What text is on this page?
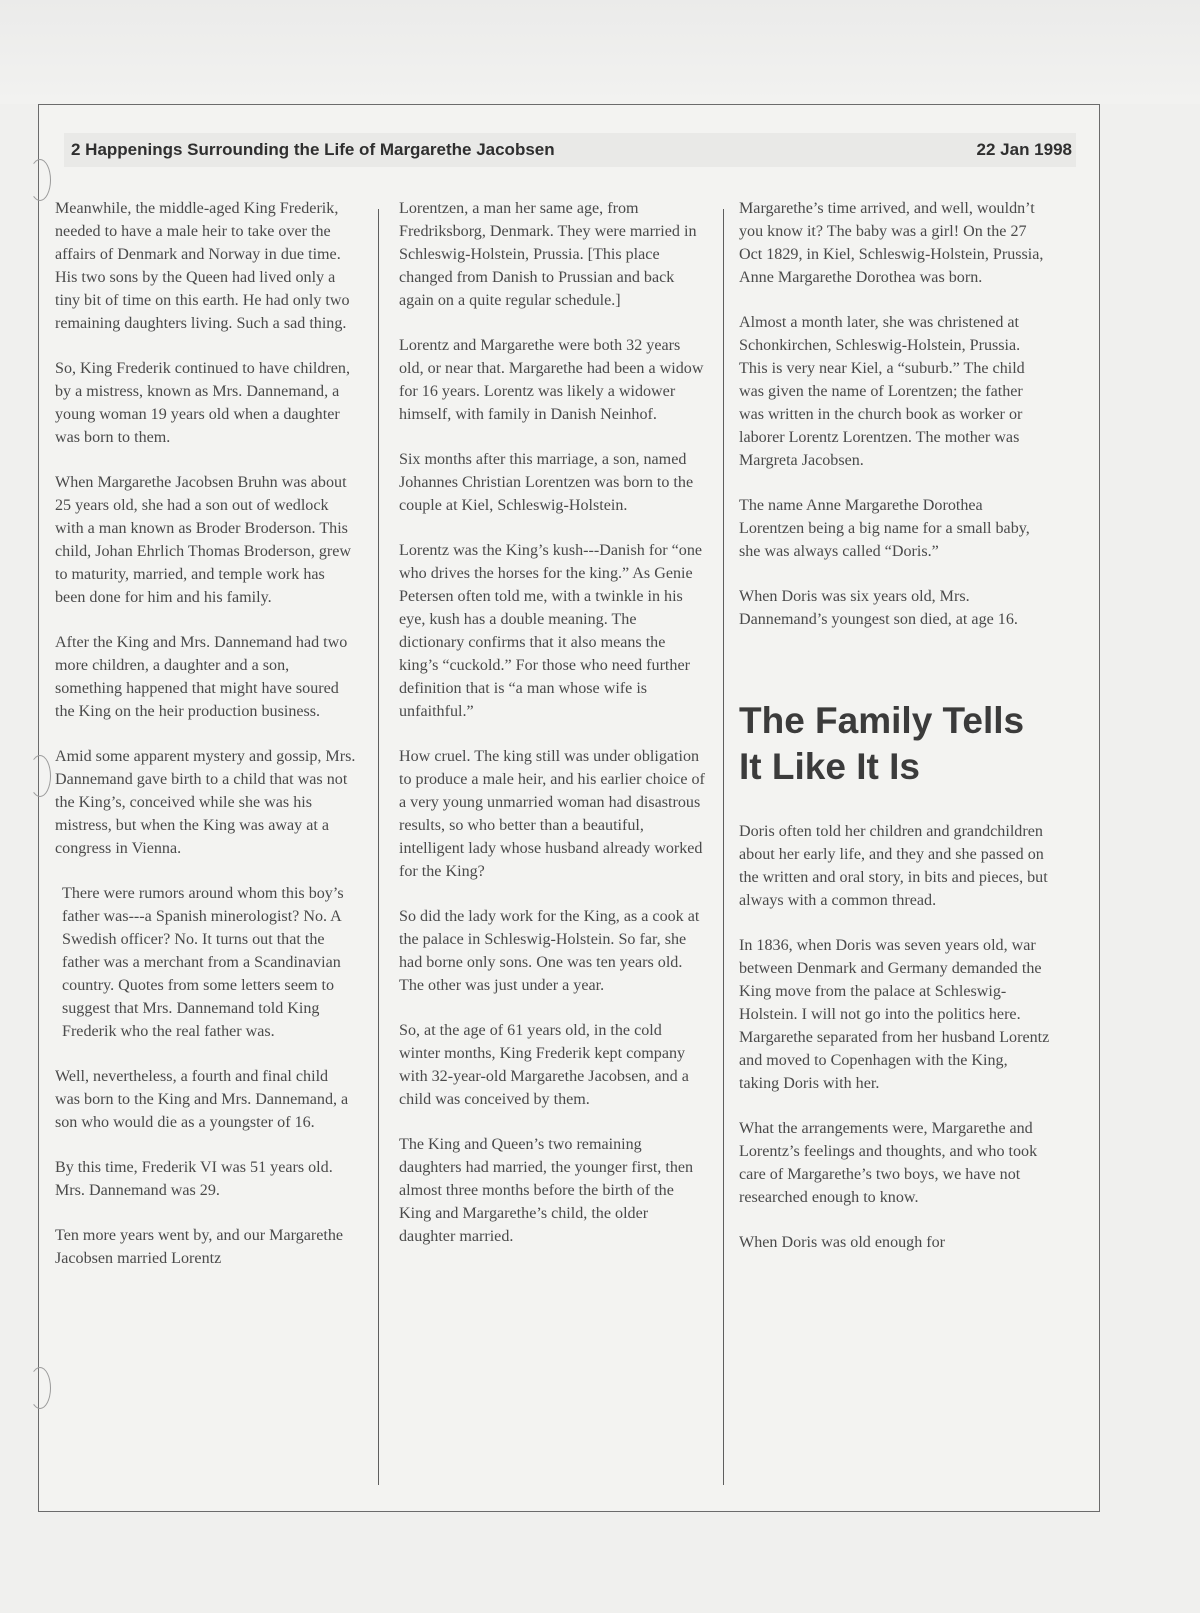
2 Happenings Surrounding the Life of Margarethe Jacobsen	22 Jan 1998

Meanwhile, the middle-aged King Frederik, needed to have a male heir to take over the affairs of Denmark and Norway in due time. His two sons by the Queen had lived only a tiny bit of time on this earth. He had only two remaining daughters living. Such a sad thing.

So, King Frederik continued to have children, by a mistress, known as Mrs. Dannemand, a young woman 19 years old when a daughter was born to them.

When Margarethe Jacobsen Bruhn was about 25 years old, she had a son out of wedlock with a man known as Broder Broderson. This child, Johan Ehrlich Thomas Broderson, grew to maturity, married, and temple work has been done for him and his family.

After the King and Mrs. Dannemand had two more children, a daughter and a son, something happened that might have soured the King on the heir production business.

Amid some apparent mystery and gossip, Mrs. Dannemand gave birth to a child that was not the King’s, conceived while she was his mistress, but when the King was away at a congress in Vienna.

There were rumors around whom this boy’s father was---a Spanish minerologist? No. A Swedish officer? No. It turns out that the father was a merchant from a Scandinavian country. Quotes from some letters seem to suggest that Mrs. Dannemand told King Frederik who the real father was.

Well, nevertheless, a fourth and final child was born to the King and Mrs. Dannemand, a son who would die as a youngster of 16.

By this time, Frederik VI was 51 years old. Mrs. Dannemand was 29.

Ten more years went by, and our Margarethe Jacobsen married Lorentz

Lorentzen, a man her same age, from Fredriksborg, Denmark. They were married in Schleswig-Holstein, Prussia. [This place changed from Danish to Prussian and back again on a quite regular schedule.]

Lorentz and Margarethe were both 32 years old, or near that. Margarethe had been a widow for 16 years. Lorentz was likely a widower himself, with family in Danish Neinhof.

Six months after this marriage, a son, named Johannes Christian Lorentzen was born to the couple at Kiel, Schleswig-Holstein.

Lorentz was the King’s kush---Danish for “one who drives the horses for the king.” As Genie Petersen often told me, with a twinkle in his eye, kush has a double meaning. The dictionary confirms that it also means the king’s “cuckold.” For those who need further definition that is “a man whose wife is unfaithful.”

How cruel. The king still was under obligation to produce a male heir, and his earlier choice of a very young unmarried woman had disastrous results, so who better than a beautiful, intelligent lady whose husband already worked for the King?

So did the lady work for the King, as a cook at the palace in Schleswig-Holstein. So far, she had borne only sons. One was ten years old. The other was just under a year.

So, at the age of 61 years old, in the cold winter months, King Frederik kept company with 32-year-old Margarethe Jacobsen, and a child was conceived by them.

The King and Queen’s two remaining daughters had married, the younger first, then almost three months before the birth of the King and Margarethe’s child, the older daughter married.

Margarethe’s time arrived, and well, wouldn’t you know it? The baby was a girl! On the 27 Oct 1829, in Kiel, Schleswig-Holstein, Prussia, Anne Margarethe Dorothea was born.

Almost a month later, she was christened at Schonkirchen, Schleswig-Holstein, Prussia. This is very near Kiel, a “suburb.” The child was given the name of Lorentzen; the father was written in the church book as worker or laborer Lorentz Lorentzen. The mother was Margreta Jacobsen.

The name Anne Margarethe Dorothea Lorentzen being a big name for a small baby, she was always called “Doris.”

When Doris was six years old, Mrs. Dannemand’s youngest son died, at age 16.

The Family Tells It Like It Is

Doris often told her children and grandchildren about her early life, and they and she passed on the written and oral story, in bits and pieces, but always with a common thread.

In 1836, when Doris was seven years old, war between Denmark and Germany demanded the King move from the palace at Schleswig-Holstein. I will not go into the politics here. Margarethe separated from her husband Lorentz and moved to Copenhagen with the King, taking Doris with her.

What the arrangements were, Margarethe and Lorentz’s feelings and thoughts, and who took care of Margarethe’s two boys, we have not researched enough to know.

When Doris was old enough for
